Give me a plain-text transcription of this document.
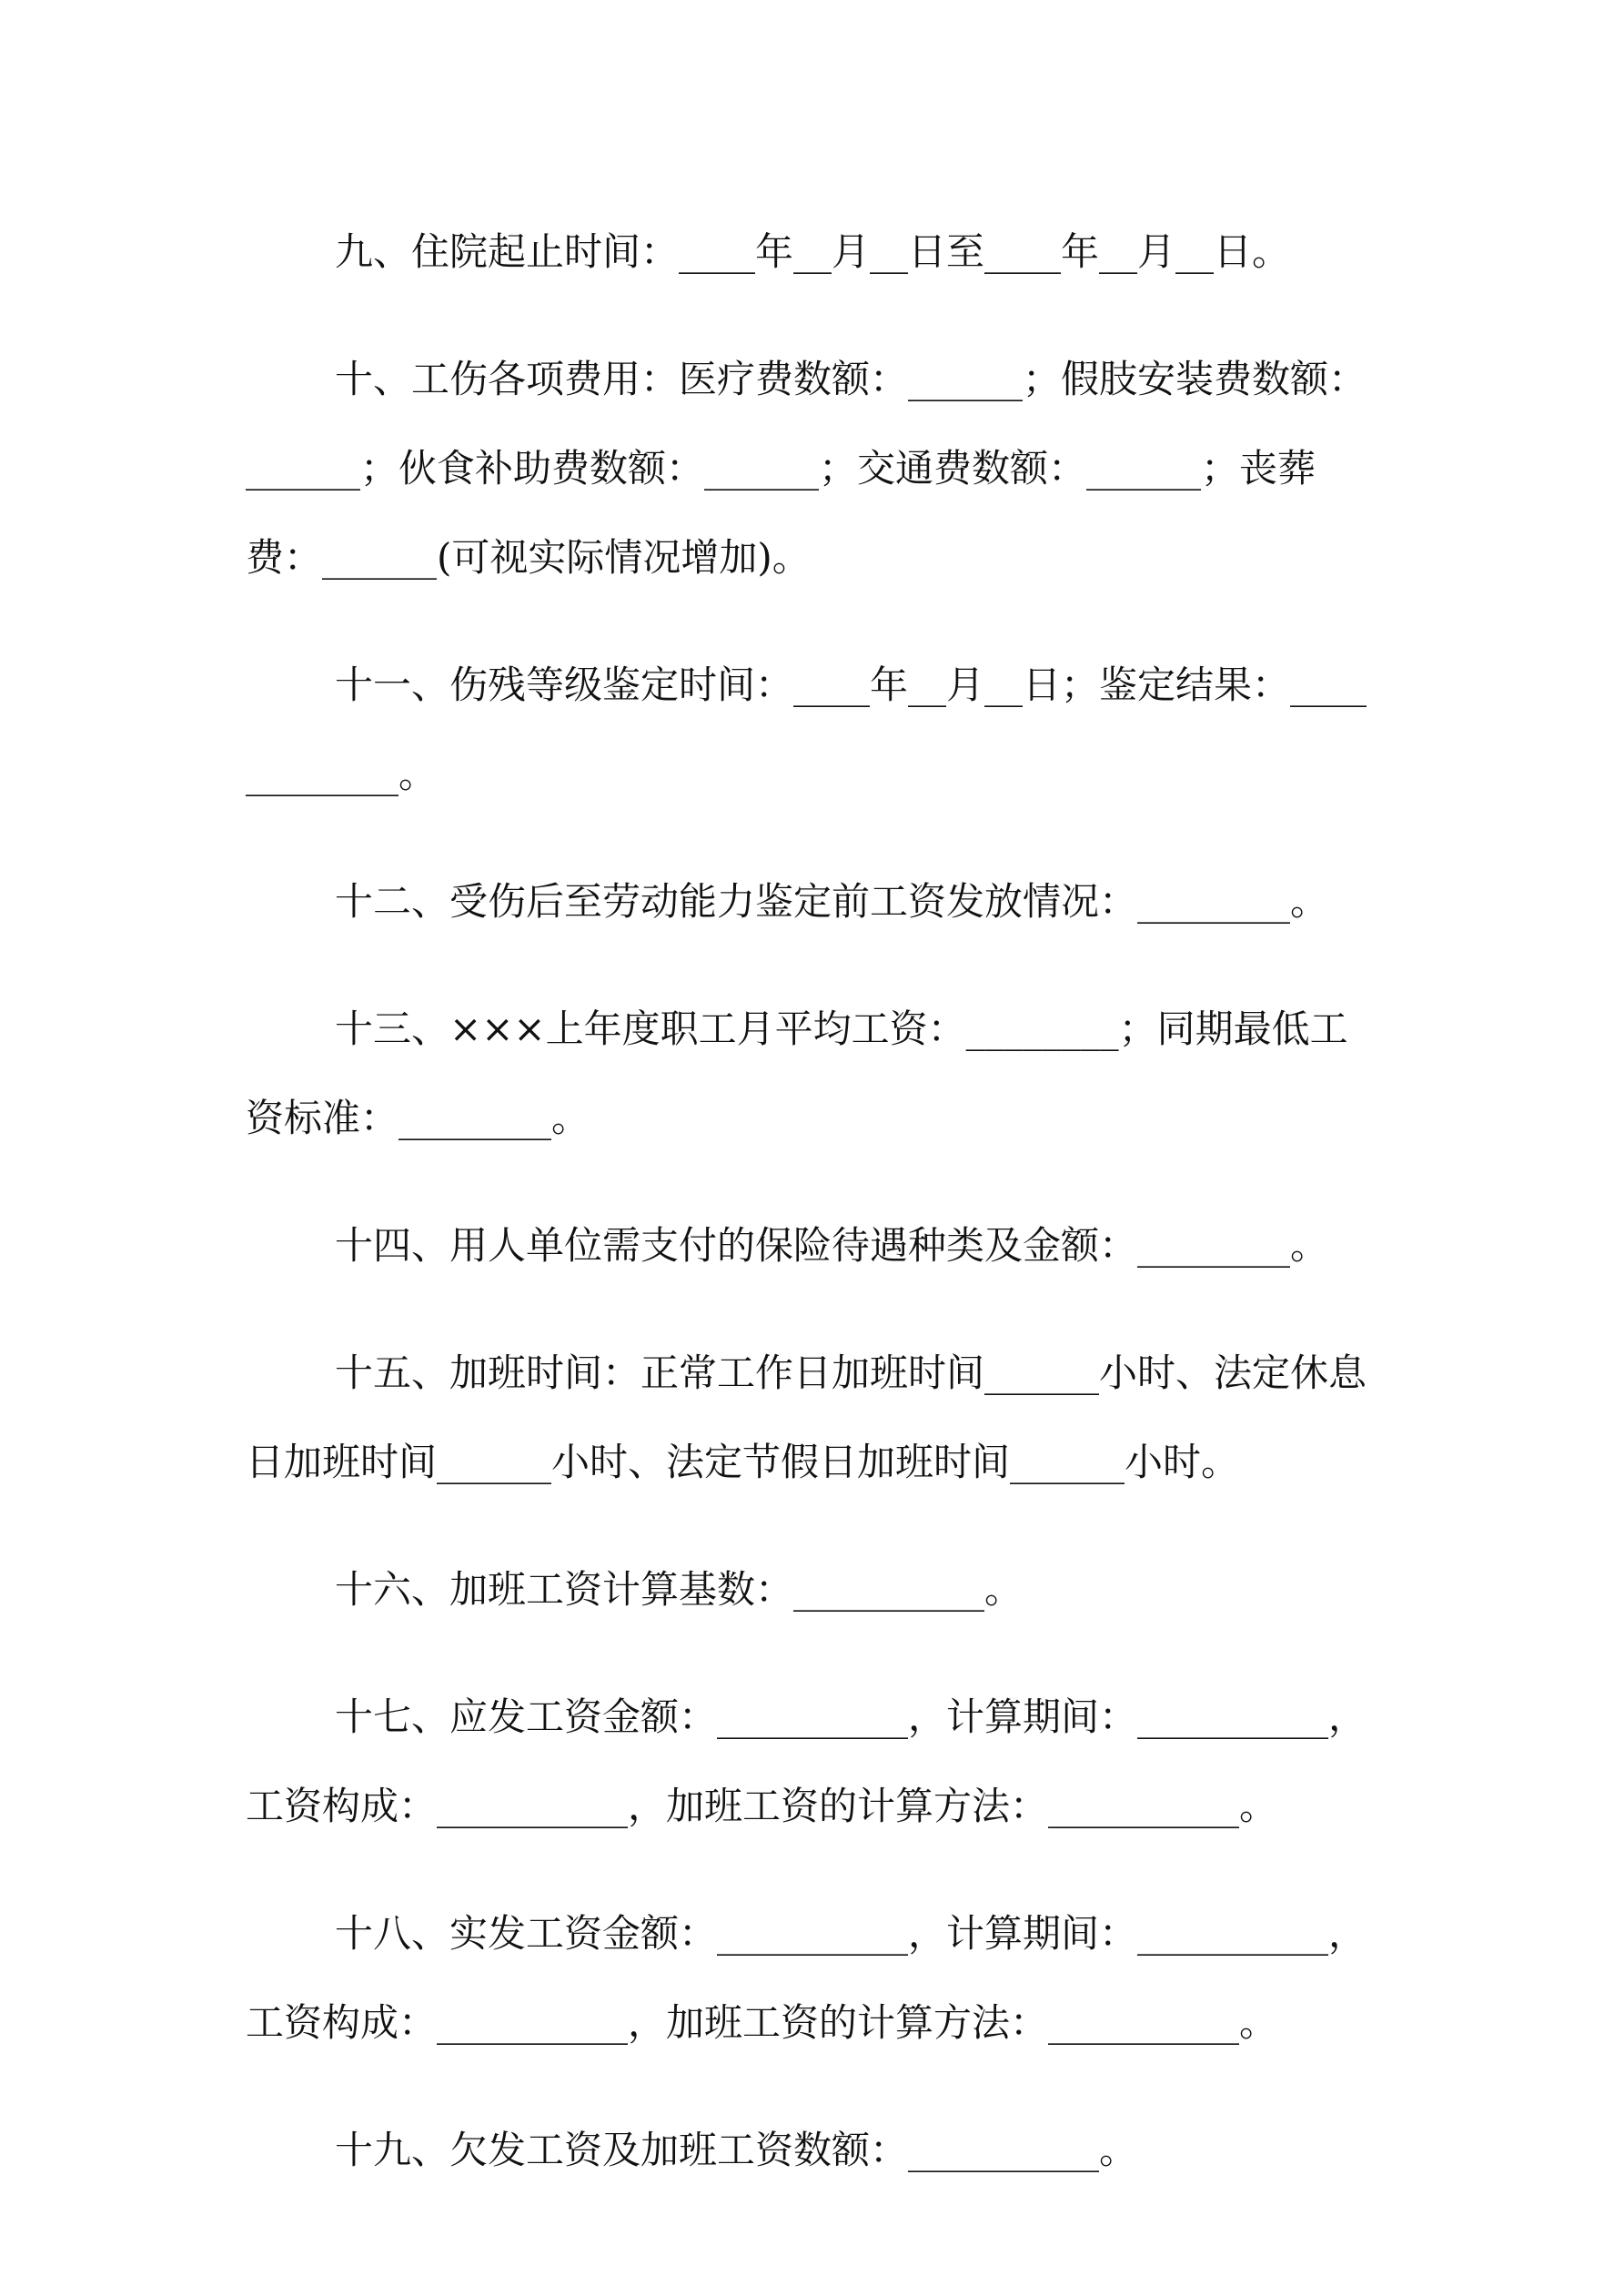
九、住院起止时间：____年__月__日至____年__月__日。

十、工伤各项费用：医疗费数额：______；假肢安装费数额：______；伙食补助费数额：______；交通费数额：______；丧葬费：______(可视实际情况增加)。

十一、伤残等级鉴定时间：____年__月__日；鉴定结果：____________。

十二、受伤后至劳动能力鉴定前工资发放情况：________。

十三、×××上年度职工月平均工资：________；同期最低工资标准：________。

十四、用人单位需支付的保险待遇种类及金额：________。

十五、加班时间：正常工作日加班时间______小时、法定休息日加班时间______小时、法定节假日加班时间______小时。

十六、加班工资计算基数：__________。

十七、应发工资金额：__________，计算期间：__________，工资构成：__________，加班工资的计算方法：__________。

十八、实发工资金额：__________，计算期间：__________，工资构成：__________，加班工资的计算方法：__________。

十九、欠发工资及加班工资数额：__________。
